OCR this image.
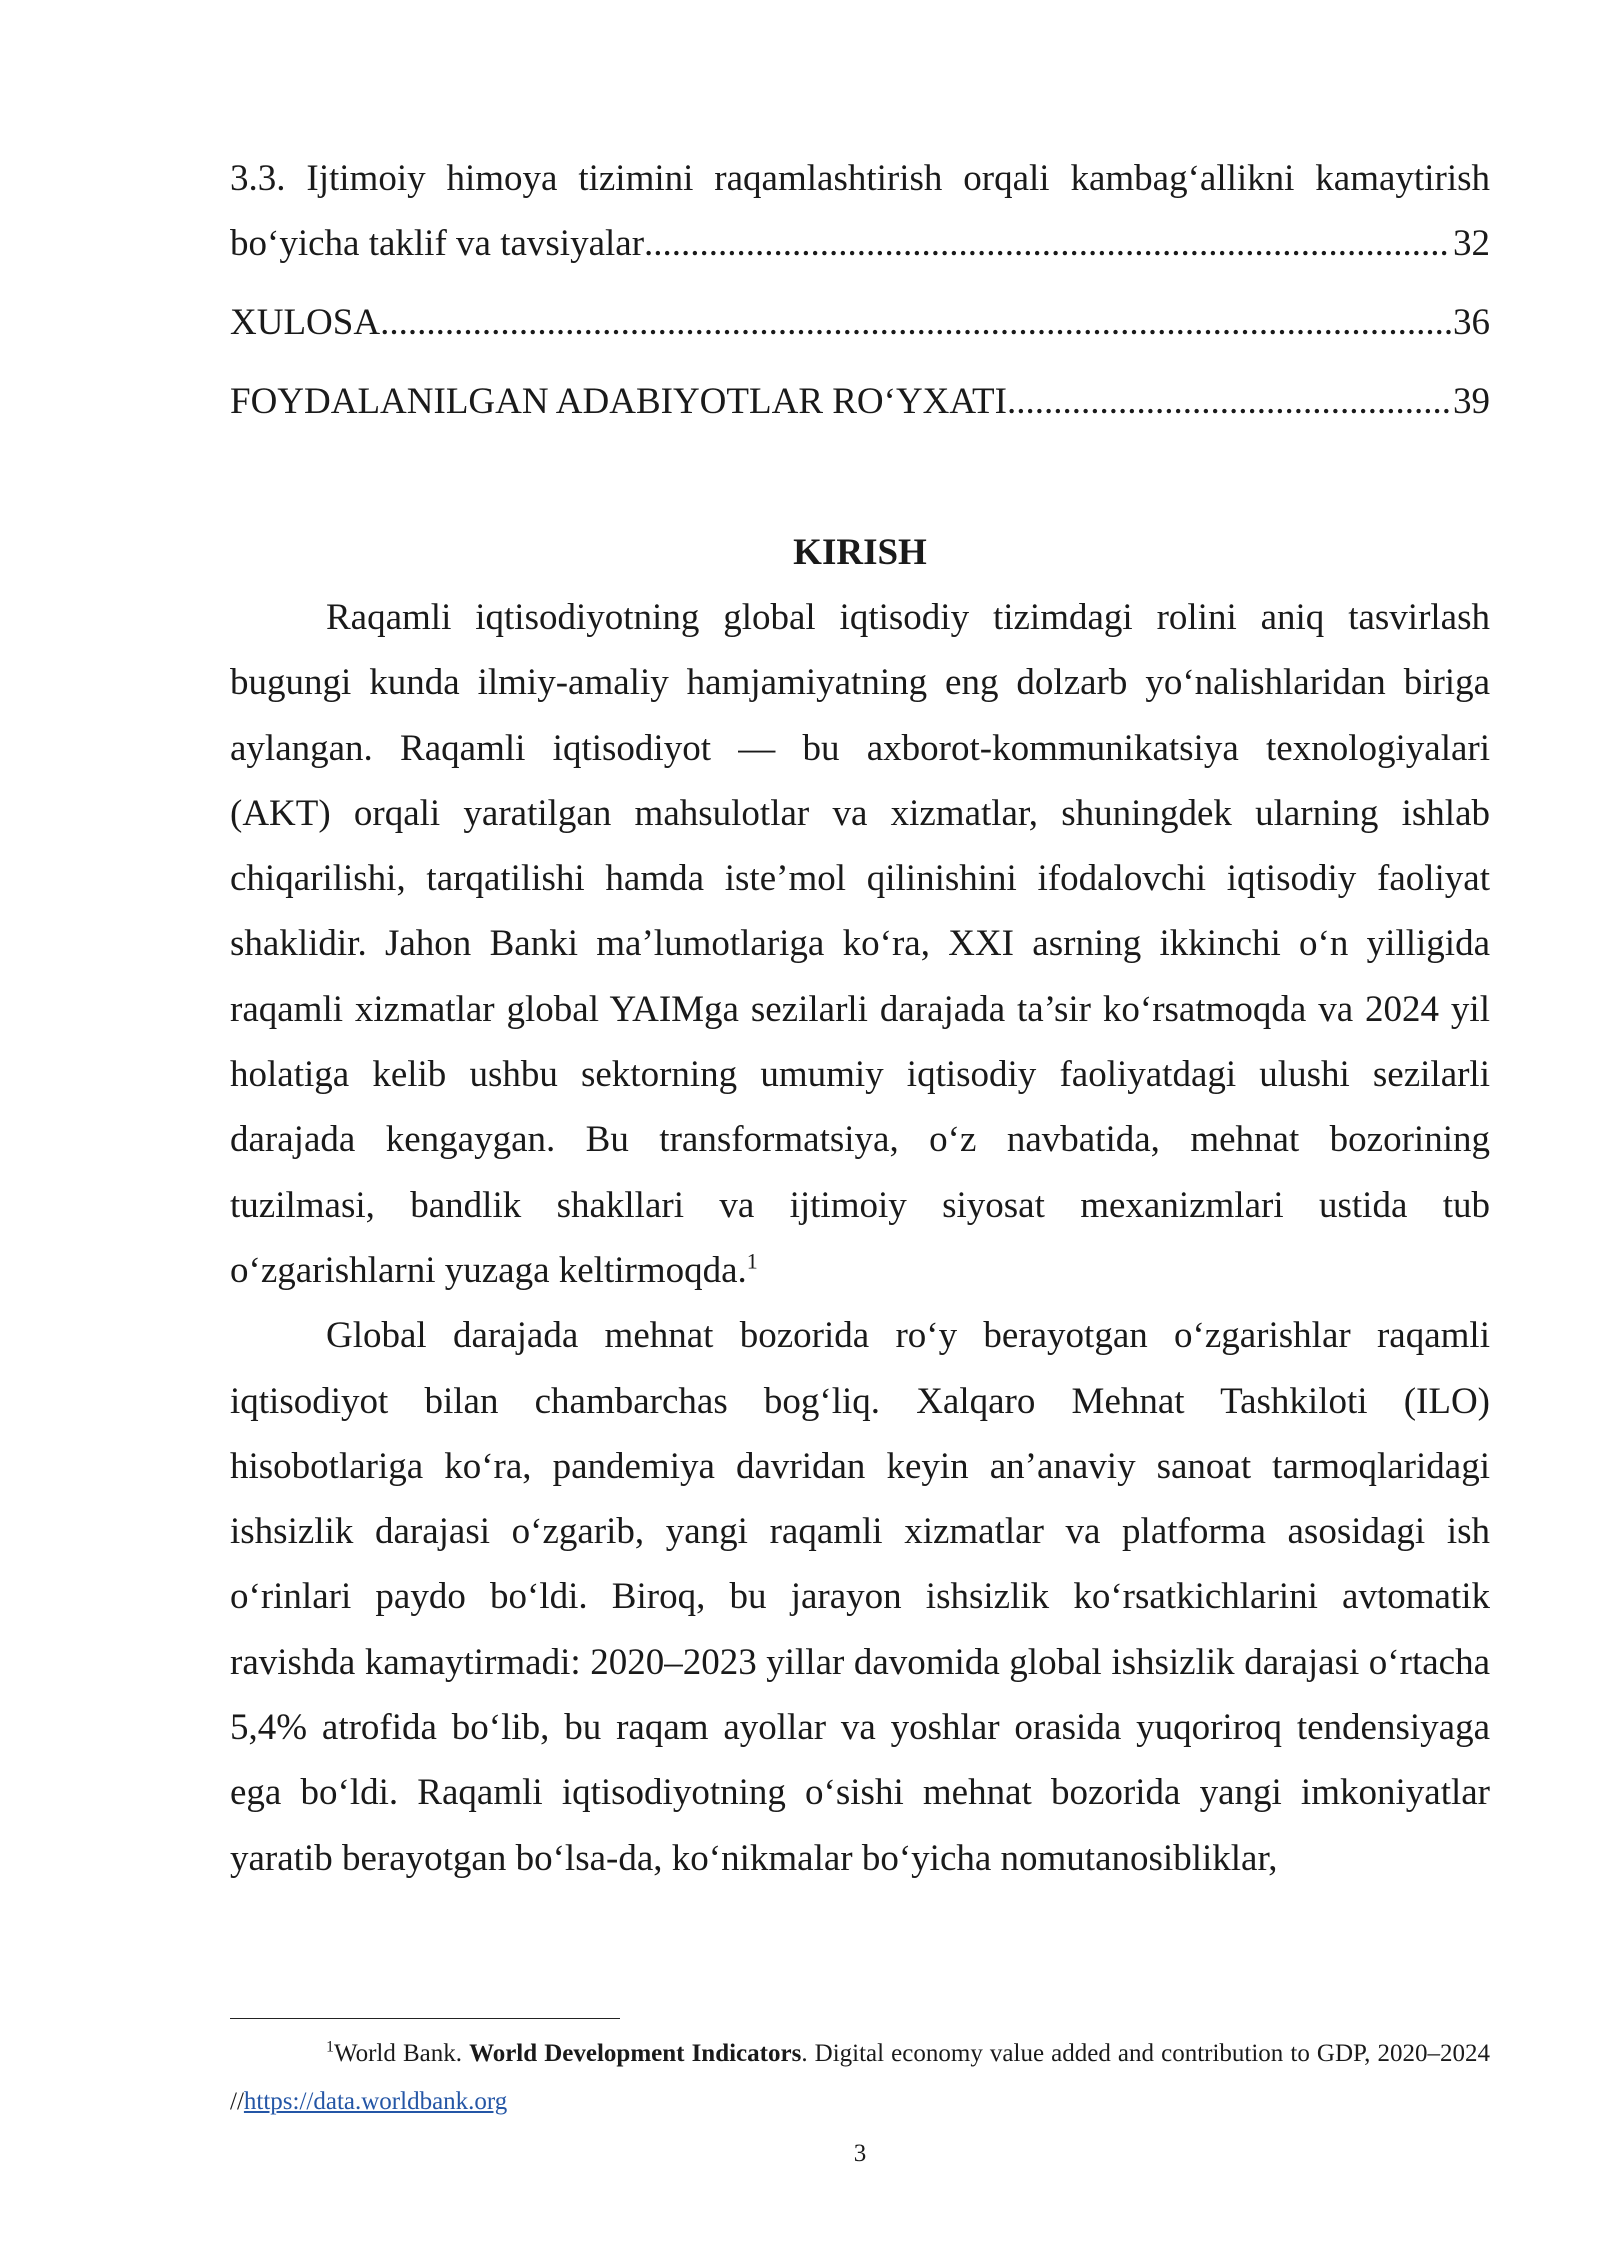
3.3. Ijtimoiy himoya tizimini raqamlashtirish orqali kambag‘allikni kamaytirish
bo‘yicha taklif va tavsiyalar .....	32
XULOSA .....	36
FOYDALANILGAN ADABIYOTLAR RO‘YXATI .....	39
KIRISH

Raqamli iqtisodiyotning global iqtisodiy tizimdagi rolini aniq tasvirlash bugungi kunda ilmiy-amaliy hamjamiyatning eng dolzarb yo‘nalishlaridan biriga aylangan. Raqamli iqtisodiyot — bu axborot-kommunikatsiya texnologiyalari (AKT) orqali yaratilgan mahsulotlar va xizmatlar, shuningdek ularning ishlab chiqarilishi, tarqatilishi hamda iste’mol qilinishini ifodalovchi iqtisodiy faoliyat shaklidir. Jahon Banki ma’lumotlariga ko‘ra, XXI asrning ikkinchi o‘n yilligida raqamli xizmatlar global YAIMga sezilarli darajada ta’sir ko‘rsatmoqda va 2024 yil holatiga kelib ushbu sektorning umumiy iqtisodiy faoliyatdagi ulushi sezilarli darajada kengaygan. Bu transformatsiya, o‘z navbatida, mehnat bozorining tuzilmasi, bandlik shakllari va ijtimoiy siyosat mexanizmlari ustida tub o‘zgarishlarni yuzaga keltirmoqda.$^1$

Global darajada mehnat bozorida ro‘y berayotgan o‘zgarishlar raqamli iqtisodiyot bilan chambarchas bog‘liq. Xalqaro Mehnat Tashkiloti (ILO) hisobotlariga ko‘ra, pandemiya davridan keyin an’anaviy sanoat tarmoqlaridagi ishsizlik darajasi o‘zgarib, yangi raqamli xizmatlar va platforma asosidagi ish o‘rinlari paydo bo‘ldi. Biroq, bu jarayon ishsizlik ko‘rsatkichlarini avtomatik ravishda kamaytirmadi: 2020–2023 yillar davomida global ishsizlik darajasi o‘rtacha 5,4% atrofida bo‘lib, bu raqam ayollar va yoshlar orasida yuqoriroq tendensiyaga ega bo‘ldi. Raqamli iqtisodiyotning o‘sishi mehnat bozorida yangi imkoniyatlar yaratib berayotgan bo‘lsa-da, ko‘nikmalar bo‘yicha nomutanosibliklar,

$^1$World Bank. World Development Indicators. Digital economy value added and contribution to GDP, 2020–2024 //https://data.worldbank.org

3
